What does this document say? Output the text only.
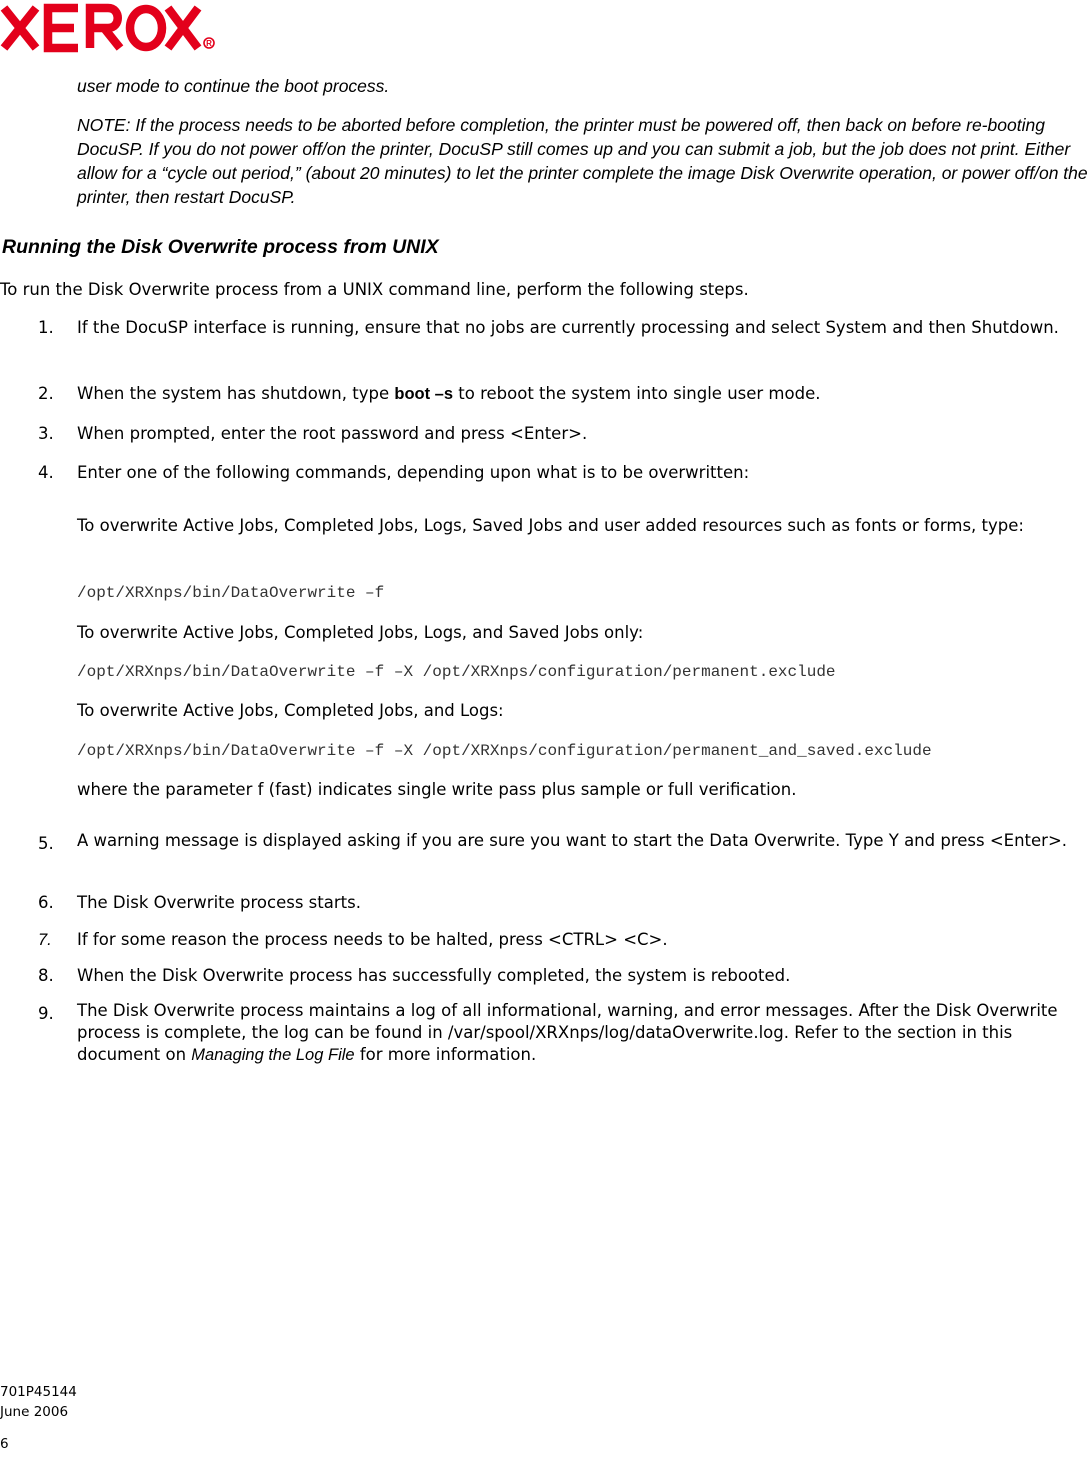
R
user mode to continue the boot process.
NOTE: If the process needs to be aborted before completion, the printer must be powered off, then back on before re-booting DocuSP. If you do not power off/on the printer, DocuSP still comes up and you can submit a job, but the job does not print. Either allow for a “cycle out period,” (about 20 minutes) to let the printer complete the image Disk Overwrite operation, or power off/on the printer, then restart DocuSP.
Running the Disk Overwrite process from UNIX
To run the Disk Overwrite process from a UNIX command line, perform the following steps.
1. If the DocuSP interface is running, ensure that no jobs are currently processing and select System and then Shutdown.
2. When the system has shutdown, type boot –s to reboot the system into single user mode.
3. When prompted, enter the root password and press <Enter>.
4. Enter one of the following commands, depending upon what is to be overwritten:
To overwrite Active Jobs, Completed Jobs, Logs, Saved Jobs and user added resources such as fonts or forms, type:
/opt/XRXnps/bin/DataOverwrite –f
To overwrite Active Jobs, Completed Jobs, Logs, and Saved Jobs only:
/opt/XRXnps/bin/DataOverwrite –f –X /opt/XRXnps/configuration/permanent.exclude
To overwrite Active Jobs, Completed Jobs, and Logs:
/opt/XRXnps/bin/DataOverwrite –f –X /opt/XRXnps/configuration/permanent_and_saved.exclude
where the parameter f (fast) indicates single write pass plus sample or full verification.
5. A warning message is displayed asking if you are sure you want to start the Data Overwrite. Type Y and press <Enter>.
6. The Disk Overwrite process starts.
7. If for some reason the process needs to be halted, press <CTRL> <C>.
8. When the Disk Overwrite process has successfully completed, the system is rebooted.
9. The Disk Overwrite process maintains a log of all informational, warning, and error messages. After the Disk Overwrite process is complete, the log can be found in /var/spool/XRXnps/log/dataOverwrite.log. Refer to the section in this document on Managing the Log File for more information.
701P45144
June 2006
6
